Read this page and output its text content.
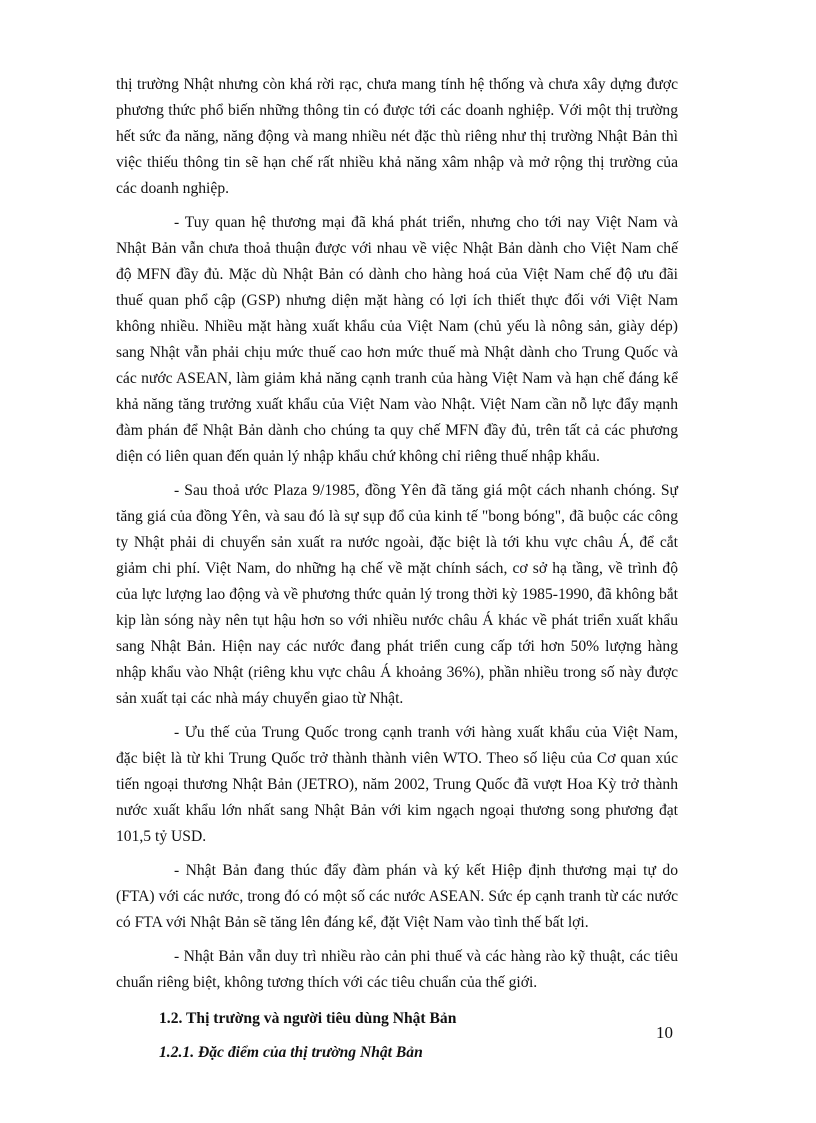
thị trường Nhật nhưng còn khá rời rạc, chưa mang tính hệ thống và chưa xây dựng được phương thức phổ biến những thông tin có được tới các doanh nghiệp. Với một thị trường hết sức đa năng, năng động và mang nhiều nét đặc thù riêng như thị trường Nhật Bản thì việc thiếu thông tin sẽ hạn chế rất nhiều khả năng xâm nhập và mở rộng thị trường của các doanh nghiệp.

- Tuy quan hệ thương mại đã khá phát triển, nhưng cho tới nay Việt Nam và Nhật Bản vẫn chưa thoả thuận được với nhau về việc Nhật Bản dành cho Việt Nam chế độ MFN đầy đủ. Mặc dù Nhật Bản có dành cho hàng hoá của Việt Nam chế độ ưu đãi thuế quan phổ cập (GSP) nhưng diện mặt hàng có lợi ích thiết thực đối với Việt Nam không nhiều. Nhiều mặt hàng xuất khẩu của Việt Nam (chủ yếu là nông sản, giày dép) sang Nhật vẫn phải chịu mức thuế cao hơn mức thuế mà Nhật dành cho Trung Quốc và các nước ASEAN, làm giảm khả năng cạnh tranh của hàng Việt Nam và hạn chế đáng kể khả năng tăng trưởng xuất khẩu của Việt Nam vào Nhật. Việt Nam cần nỗ lực đẩy mạnh đàm phán để Nhật Bản dành cho chúng ta quy chế MFN đầy đủ, trên tất cả các phương diện có liên quan đến quản lý nhập khẩu chứ không chỉ riêng thuế nhập khẩu.

- Sau thoả ước Plaza 9/1985, đồng Yên đã tăng giá một cách nhanh chóng. Sự tăng giá của đồng Yên, và sau đó là sự sụp đổ của kinh tế "bong bóng", đã buộc các công ty Nhật phải di chuyển sản xuất ra nước ngoài, đặc biệt là tới khu vực châu Á, để cắt giảm chi phí. Việt Nam, do những hạ chế về mặt chính sách, cơ sở hạ tầng, về trình độ của lực lượng lao động và về phương thức quản lý trong thời kỳ 1985-1990, đã không bắt kịp làn sóng này nên tụt hậu hơn so với nhiều nước châu Á khác về phát triển xuất khẩu sang Nhật Bản. Hiện nay các nước đang phát triển cung cấp tới hơn 50% lượng hàng nhập khẩu vào Nhật (riêng khu vực châu Á khoảng 36%), phần nhiều trong số này được sản xuất tại các nhà máy chuyển giao từ Nhật.

- Ưu thế của Trung Quốc trong cạnh tranh với hàng xuất khẩu của Việt Nam, đặc biệt là từ khi Trung Quốc trở thành thành viên WTO. Theo số liệu của Cơ quan xúc tiến ngoại thương Nhật Bản (JETRO), năm 2002, Trung Quốc đã vượt Hoa Kỳ trở thành nước xuất khẩu lớn nhất sang Nhật Bản với kim ngạch ngoại thương song phương đạt 101,5 tỷ USD.

- Nhật Bản đang thúc đẩy đàm phán và ký kết Hiệp định thương mại tự do (FTA) với các nước, trong đó có một số các nước ASEAN. Sức ép cạnh tranh từ các nước có FTA với Nhật Bản sẽ tăng lên đáng kể, đặt Việt Nam vào tình thế bất lợi.

- Nhật Bản vẫn duy trì nhiều rào cản phi thuế và các hàng rào kỹ thuật, các tiêu chuẩn riêng biệt, không tương thích với các tiêu chuẩn của thế giới.

1.2. Thị trường và người tiêu dùng Nhật Bản
1.2.1. Đặc điểm của thị trường Nhật Bản
10
